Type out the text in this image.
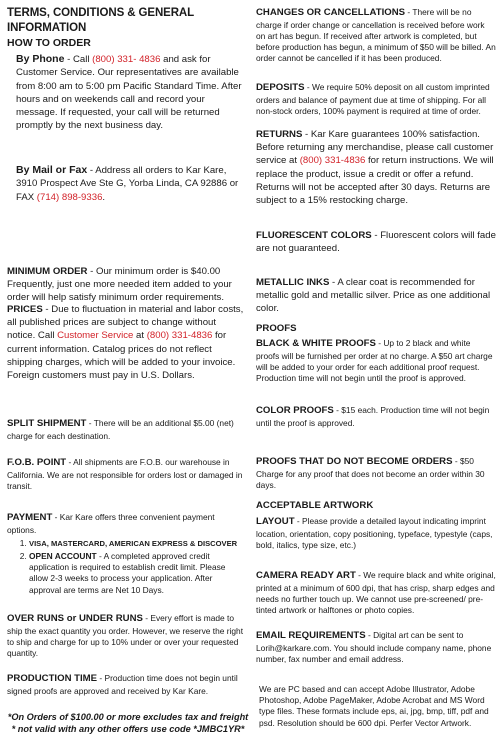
TERMS, CONDITIONS & GENERAL INFORMATION
HOW TO ORDER
By Phone - Call (800) 331- 4836 and ask for Customer Service. Our representatives are available from 8:00 am to 5:00 pm Pacific Standard Time. After hours and on weekends call and record your message. If requested, your call will be returned promptly by the next business day.
By Mail or Fax - Address all orders to Kar Kare, 3910 Prospect Ave Ste G, Yorba Linda, CA 92886 or FAX (714) 898-9336.
MINIMUM ORDER - Our minimum order is $40.00 Frequently, just one more needed item added to your order will help satisfy minimum order requirements.
PRICES - Due to fluctuation in material and labor costs, all published prices are subject to change without notice. Call Customer Service at (800) 331-4836 for current information. Catalog prices do not reflect shipping charges, which will be added to your invoice. Foreign customers must pay in U.S. Dollars.
SPLIT SHIPMENT - There will be an additional $5.00 (net) charge for each destination.
F.O.B. POINT - All shipments are F.O.B. our warehouse in California. We are not responsible for orders lost or damaged in transit.
PAYMENT - Kar Kare offers three convenient payment options.
1. VISA, MASTERCARD, AMERICAN EXPRESS & DISCOVER
2. OPEN ACCOUNT - A completed approved credit application is required to establish credit limit. Please allow 2-3 weeks to process your application. After approval are terms are Net 10 Days.
OVER RUNS or UNDER RUNS - Every effort is made to ship the exact quantity you order. However, we reserve the right to ship and charge for up to 10% under or over your requested quantity.
PRODUCTION TIME - Production time does not begin until signed proofs are approved and received by Kar Kare.
*On Orders of $100.00 or more excludes tax and freight * not valid with any other offers use code *JMBC1YR*
CHANGES OR CANCELLATIONS - There will be no charge if order change or cancellation is received before work on art has begun. If received after artwork is completed, but before production has begun, a minimum of $50 will be billed. An order cannot be cancelled if it has been produced.
DEPOSITS - We require 50% deposit on all custom imprinted orders and balance of payment due at time of shipping. For all non-stock orders, 100% payment is required at time of order.
RETURNS - Kar Kare guarantees 100% satisfaction. Before returning any merchandise, please call customer service at (800) 331-4836 for return instructions. We will replace the product, issue a credit or offer a refund. Returns will not be accepted after 30 days. Returns are subject to a 15% restocking charge.
FLUORESCENT COLORS - Fluorescent colors will fade are not guaranteed.
METALLIC INKS - A clear coat is recommended for metallic gold and metallic silver. Price as one additional color.
PROOFS
BLACK & WHITE PROOFS - Up to 2 black and white proofs will be furnished per order at no charge. A $50 art charge will be added to your order for each additional proof request. Production time will not begin until the proof is approved.
COLOR PROOFS - $15 each. Production time will not begin until the proof is approved.
PROOFS THAT DO NOT BECOME ORDERS - $50 Charge for any proof that does not become an order within 30 days.
ACCEPTABLE ARTWORK
LAYOUT - Please provide a detailed layout indicating imprint location, orientation, copy positioning, typeface, typestyle (caps, bold, italics, type size, etc.)
CAMERA READY ART - We require black and white original, printed at a minimum of 600 dpi, that has crisp, sharp edges and needs no further touch up. We cannot use pre-screened/ pre-tinted artwork or halftones or photo copies.
EMAIL REQUIREMENTS - Digital art can be sent to Lorih@karkare.com. You should include company name, phone number, fax number and email address.
We are PC based and can accept Adobe Illustrator, Adobe Photoshop, Adobe PageMaker, Adobe Acrobat and MS Word type files. These formats include eps, ai, jpg, bmp, tiff, pdf and psd. Resolution should be 600 dpi. Perfer Vector Artwork.
